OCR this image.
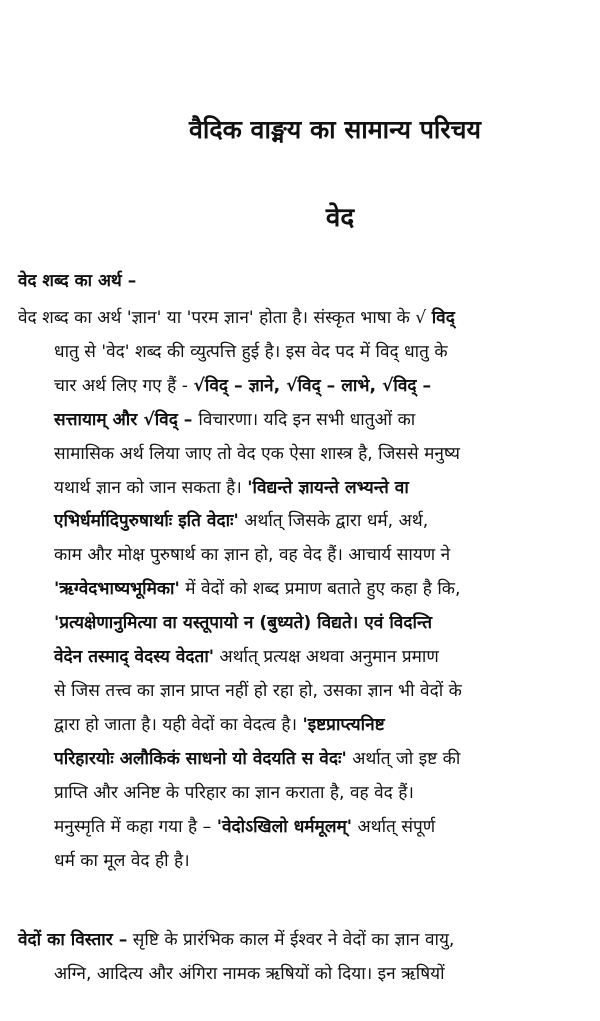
वैदिक वाङ्मय का सामान्य परिचय
वेद
वेद शब्द का अर्थ –

वेद शब्द का अर्थ 'ज्ञान' या 'परम ज्ञान' होता है। संस्कृत भाषा के √ विद्
धातु से 'वेद' शब्द की व्युत्पत्ति हुई है। इस वेद पद में विद् धातु के
चार अर्थ लिए गए हैं - √विद् – ज्ञाने, √विद् – लाभे, √विद् –
सत्तायाम् और √विद् – विचारणा। यदि इन सभी धातुओं का
सामासिक अर्थ लिया जाए तो वेद एक ऐसा शास्त्र है, जिससे मनुष्य
यथार्थ ज्ञान को जान सकता है। 'विद्यन्ते ज्ञायन्ते लभ्यन्ते वा
एभिर्धर्मादिपुरुषार्थाः इति वेदाः' अर्थात् जिसके द्वारा धर्म, अर्थ,
काम और मोक्ष पुरुषार्थ का ज्ञान हो, वह वेद हैं। आचार्य सायण ने
'ऋग्वेदभाष्यभूमिका' में वेदों को शब्द प्रमाण बताते हुए कहा है कि,
'प्रत्यक्षेणानुमित्या वा यस्तूपायो न (बुध्यते) विद्यते। एवं विदन्ति
वेदेन तस्माद् वेदस्य वेदता' अर्थात् प्रत्यक्ष अथवा अनुमान प्रमाण
से जिस तत्त्व का ज्ञान प्राप्त नहीं हो रहा हो, उसका ज्ञान भी वेदों के
द्वारा हो जाता है। यही वेदों का वेदत्व है। 'इष्टप्राप्त्यनिष्ट
परिहारयोः अलौकिकं साधनो यो वेदयति स वेदः' अर्थात् जो इष्ट की
प्राप्ति और अनिष्ट के परिहार का ज्ञान कराता है, वह वेद हैं।
मनुस्मृति में कहा गया है – 'वेदोऽखिलो धर्ममूलम्' अर्थात् संपूर्ण
धर्म का मूल वेद ही है।

वेदों का विस्तार – सृष्टि के प्रारंभिक काल में ईश्वर ने वेदों का ज्ञान वायु,
अग्नि, आदित्य और अंगिरा नामक ऋषियों को दिया। इन ऋषियों
